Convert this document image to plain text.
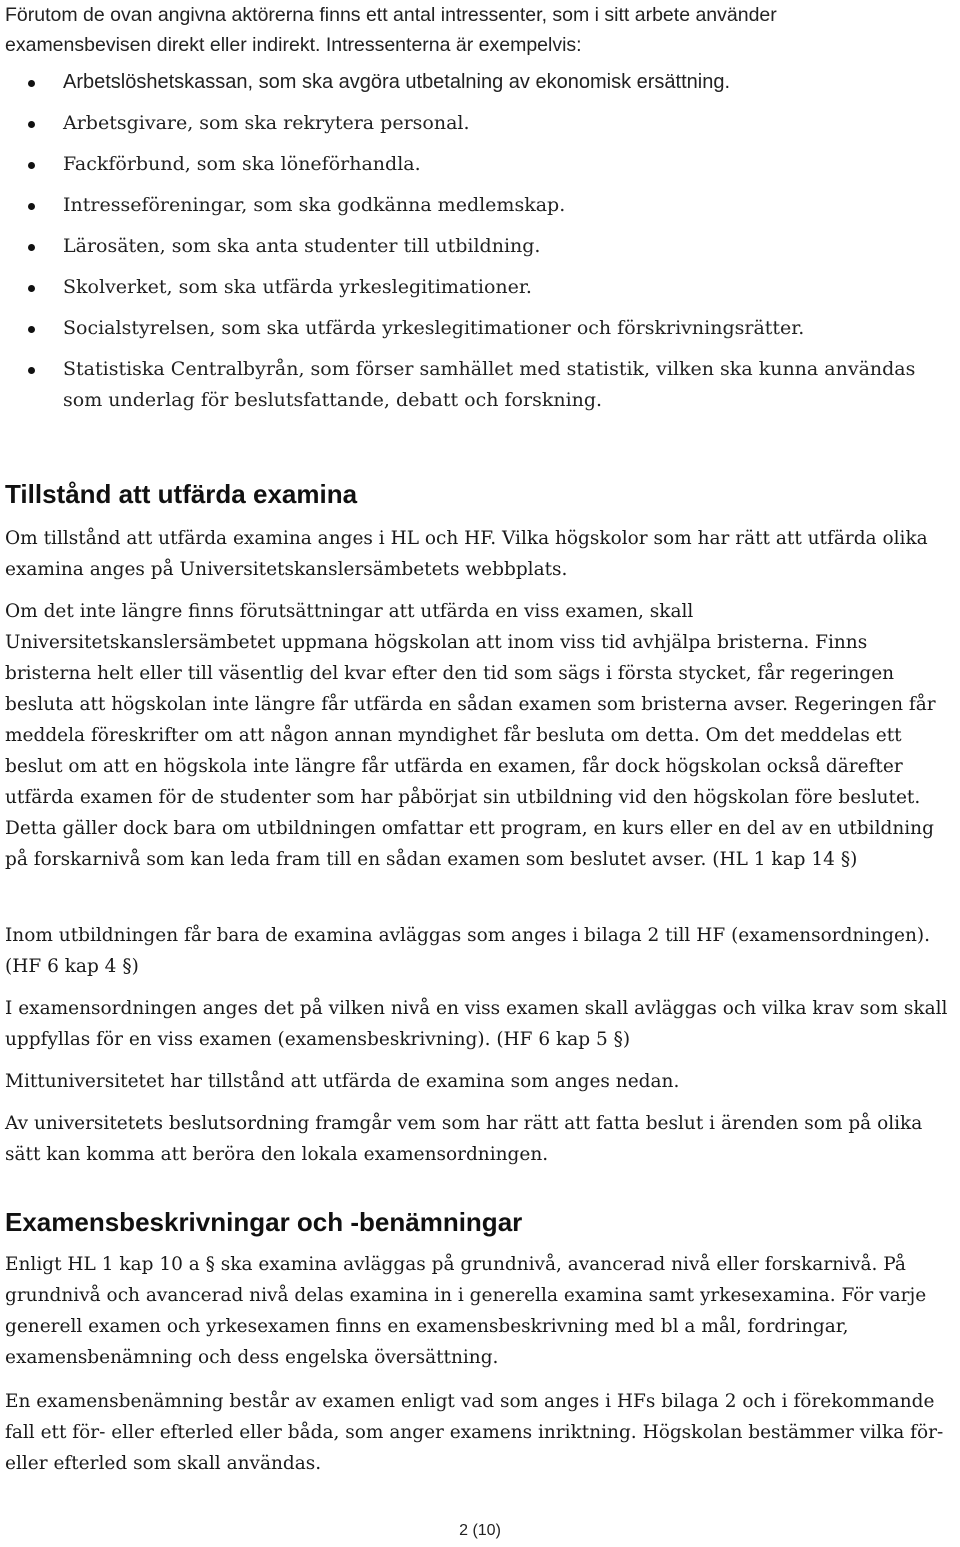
Förutom de ovan angivna aktörerna finns ett antal intressenter, som i sitt arbete använder
examensbevisen direkt eller indirekt. Intressenterna är exempelvis:
Arbetslöshetskassan, som ska avgöra utbetalning av ekonomisk ersättning.
Arbetsgivare, som ska rekrytera personal.
Fackförbund, som ska löneförhandla.
Intresseföreningar, som ska godkänna medlemskap.
Lärosäten, som ska anta studenter till utbildning.
Skolverket, som ska utfärda yrkeslegitimationer.
Socialstyrelsen, som ska utfärda yrkeslegitimationer och förskrivningsrätter.
Statistiska Centralbyrån, som förser samhället med statistik, vilken ska kunna användas som underlag för beslutsfattande, debatt och forskning.
Tillstånd att utfärda examina

Om tillstånd att utfärda examina anges i HL och HF. Vilka högskolor som har rätt att utfärda olika examina anges på Universitetskanslersämbetets webbplats.

Om det inte längre finns förutsättningar att utfärda en viss examen, skall Universitetskanslersämbetet uppmana högskolan att inom viss tid avhjälpa bristerna. Finns bristerna helt eller till väsentlig del kvar efter den tid som sägs i första stycket, får regeringen besluta att högskolan inte längre får utfärda en sådan examen som bristerna avser. Regeringen får meddela föreskrifter om att någon annan myndighet får besluta om detta. Om det meddelas ett beslut om att en högskola inte längre får utfärda en examen, får dock högskolan också därefter utfärda examen för de studenter som har påbörjat sin utbildning vid den högskolan före beslutet. Detta gäller dock bara om utbildningen omfattar ett program, en kurs eller en del av en utbildning på forskarnivå som kan leda fram till en sådan examen som beslutet avser. (HL 1 kap 14 §)

Inom utbildningen får bara de examina avläggas som anges i bilaga 2 till HF (examensordningen). (HF 6 kap 4 §)

I examensordningen anges det på vilken nivå en viss examen skall avläggas och vilka krav som skall uppfyllas för en viss examen (examensbeskrivning). (HF 6 kap 5 §)

Mittuniversitetet har tillstånd att utfärda de examina som anges nedan.

Av universitetets beslutsordning framgår vem som har rätt att fatta beslut i ärenden som på olika sätt kan komma att beröra den lokala examensordningen.

Examensbeskrivningar och -benämningar

Enligt HL 1 kap 10 a § ska examina avläggas på grundnivå, avancerad nivå eller forskarnivå. På grundnivå och avancerad nivå delas examina in i generella examina samt yrkesexamina. För varje generell examen och yrkesexamen finns en examensbeskrivning med bl a mål, fordringar, examensbenämning och dess engelska översättning.

En examensbenämning består av examen enligt vad som anges i HFs bilaga 2 och i förekommande fall ett för- eller efterled eller båda, som anger examens inriktning. Högskolan bestämmer vilka för- eller efterled som skall användas.

2 (10)
